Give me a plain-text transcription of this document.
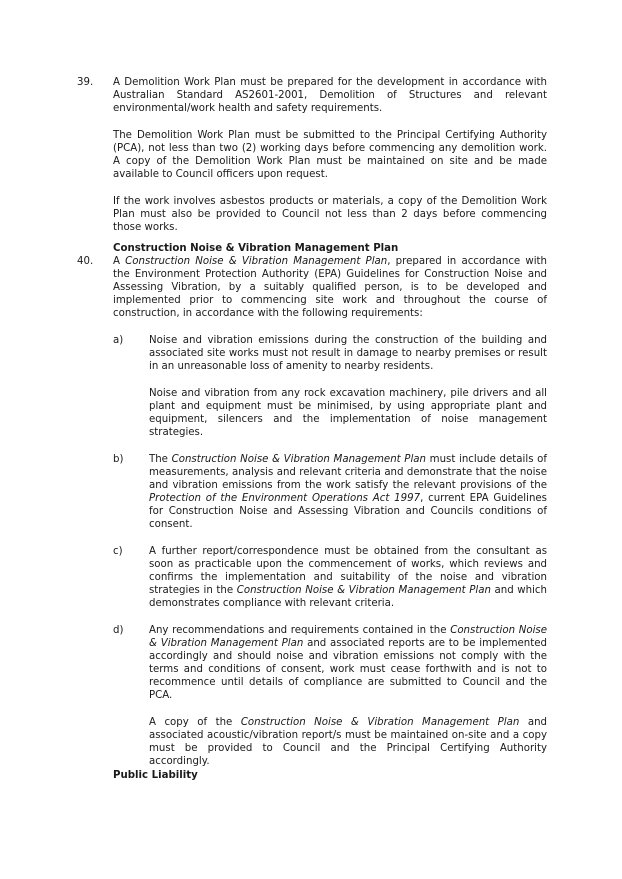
39. A Demolition Work Plan must be prepared for the development in accordance with Australian Standard AS2601-2001, Demolition of Structures and relevant environmental/work health and safety requirements.

The Demolition Work Plan must be submitted to the Principal Certifying Authority (PCA), not less than two (2) working days before commencing any demolition work. A copy of the Demolition Work Plan must be maintained on site and be made available to Council officers upon request.

If the work involves asbestos products or materials, a copy of the Demolition Work Plan must also be provided to Council not less than 2 days before commencing those works.

Construction Noise & Vibration Management Plan
40. A Construction Noise & Vibration Management Plan, prepared in accordance with the Environment Protection Authority (EPA) Guidelines for Construction Noise and Assessing Vibration, by a suitably qualified person, is to be developed and implemented prior to commencing site work and throughout the course of construction, in accordance with the following requirements:
a)	Noise and vibration emissions during the construction of the building and associated site works must not result in damage to nearby premises or result in an unreasonable loss of amenity to nearby residents.

Noise and vibration from any rock excavation machinery, pile drivers and all plant and equipment must be minimised, by using appropriate plant and equipment, silencers and the implementation of noise management strategies.

b)	The Construction Noise & Vibration Management Plan must include details of measurements, analysis and relevant criteria and demonstrate that the noise and vibration emissions from the work satisfy the relevant provisions of the Protection of the Environment Operations Act 1997, current EPA Guidelines for Construction Noise and Assessing Vibration and Councils conditions of consent.

c)	A further report/correspondence must be obtained from the consultant as soon as practicable upon the commencement of works, which reviews and confirms the implementation and suitability of the noise and vibration strategies in the Construction Noise & Vibration Management Plan and which demonstrates compliance with relevant criteria.

d)	Any recommendations and requirements contained in the Construction Noise & Vibration Management Plan and associated reports are to be implemented accordingly and should noise and vibration emissions not comply with the terms and conditions of consent, work must cease forthwith and is not to recommence until details of compliance are submitted to Council and the PCA.

A copy of the Construction Noise & Vibration Management Plan and associated acoustic/vibration report/s must be maintained on-site and a copy must be provided to Council and the Principal Certifying Authority accordingly.

Public Liability
